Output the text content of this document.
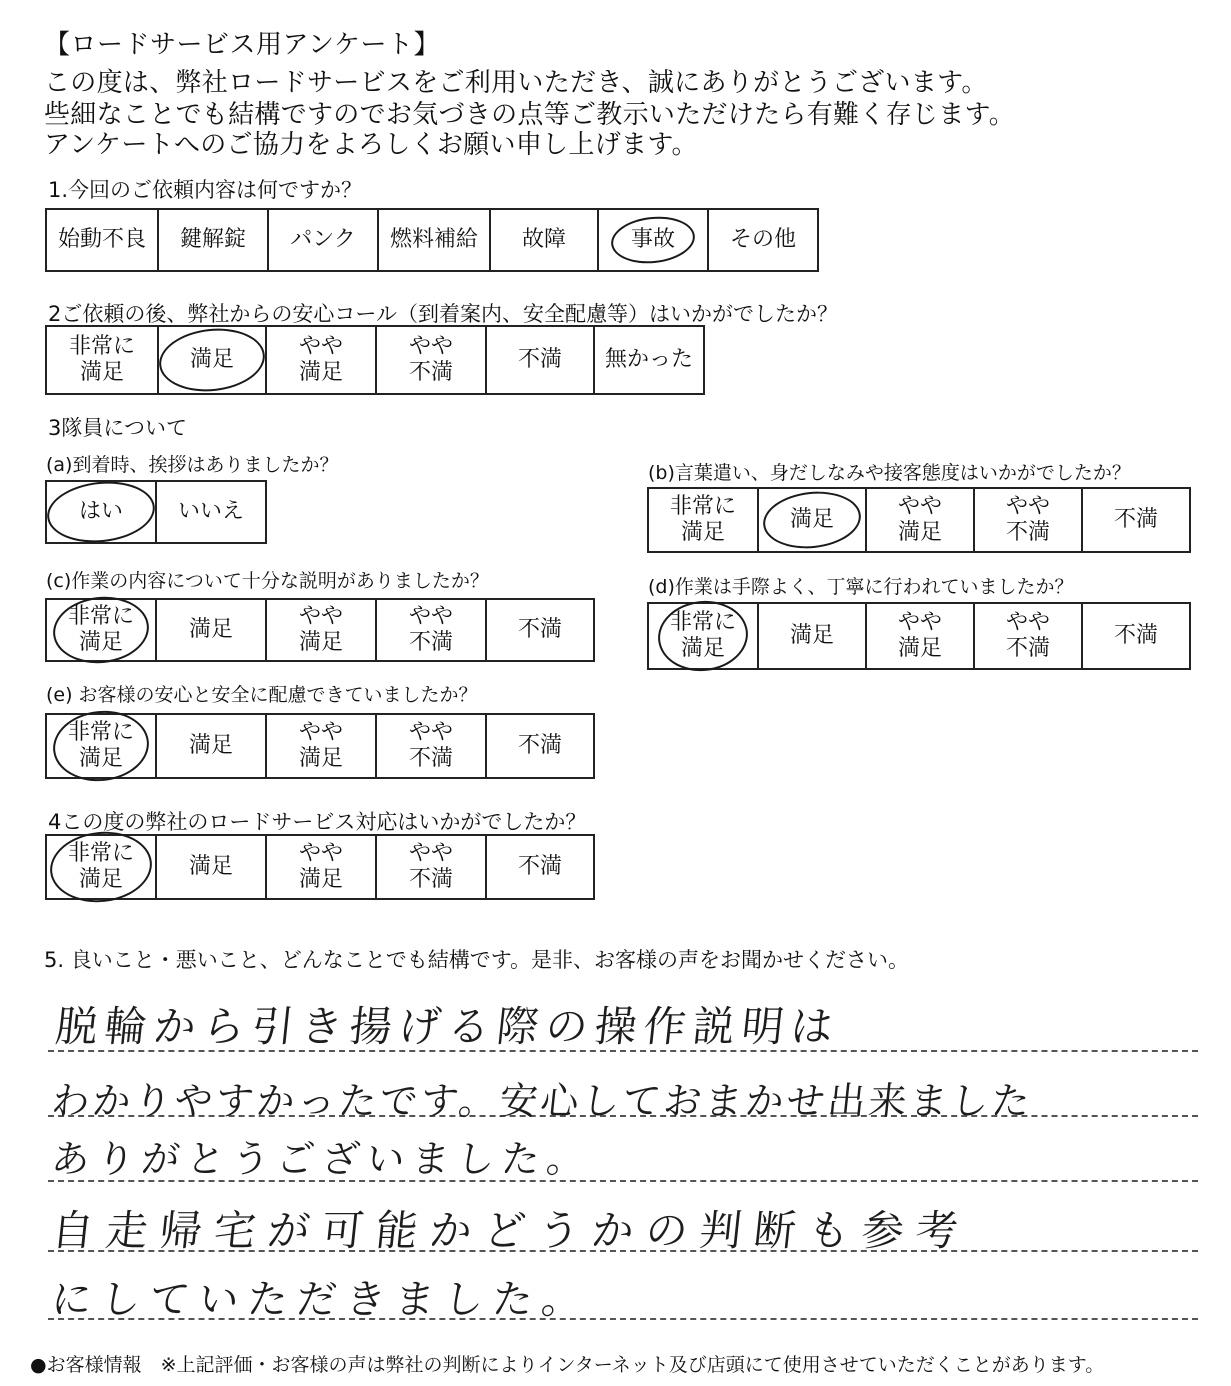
【ロードサービス用アンケート】
この度は、弊社ロードサービスをご利用いただき、誠にありがとうございます。
些細なことでも結構ですのでお気づきの点等ご教示いただけたら有難く存じます。
アンケートへのご協力をよろしくお願い申し上げます。
1.今回のご依頼内容は何ですか？
始動不良 鍵解錠 パンク 燃料補給 故障	事故 その他
2ご依頼の後、弊社からの安心コール（到着案内、安全配慮等）はいかがでしたか？
非常に
満足
満足
やや
満足
やや
不満
不満 無かった
3隊員について
(a)到着時、挨拶はありましたか？
はい いいえ
(b)言葉遣い、身だしなみや接客態度はいかがでしたか？
非常に
満足
満足
やや
満足
やや
不満
不満
(c)作業の内容について十分な説明がありましたか？
非常に
満足
満足
やや
満足
やや
不満
不満
(d)作業は手際よく、丁寧に行われていましたか？
非常に
満足
満足
やや
満足
やや
不満
不満
(e) お客様の安心と安全に配慮できていましたか？
非常に
満足
満足
やや
満足
やや
不満
不満
4この度の弊社のロードサービス対応はいかがでしたか？
非常に
満足
満足
やや
満足
やや
不満
不満
5. 良いこと・悪いこと、どんなことでも結構です。是非、お客様の声をお聞かせください。
脱輪から引き揚げる際の操作説明は
わかりやすかったです。安心しておまかせ出来ました
ありがとうございました。
自走帰宅が可能かどうかの判断も参考
にしていただきました。
●お客様情報　※上記評価・お客様の声は弊社の判断によりインターネット及び店頭にて使用させていただくことがあります。
